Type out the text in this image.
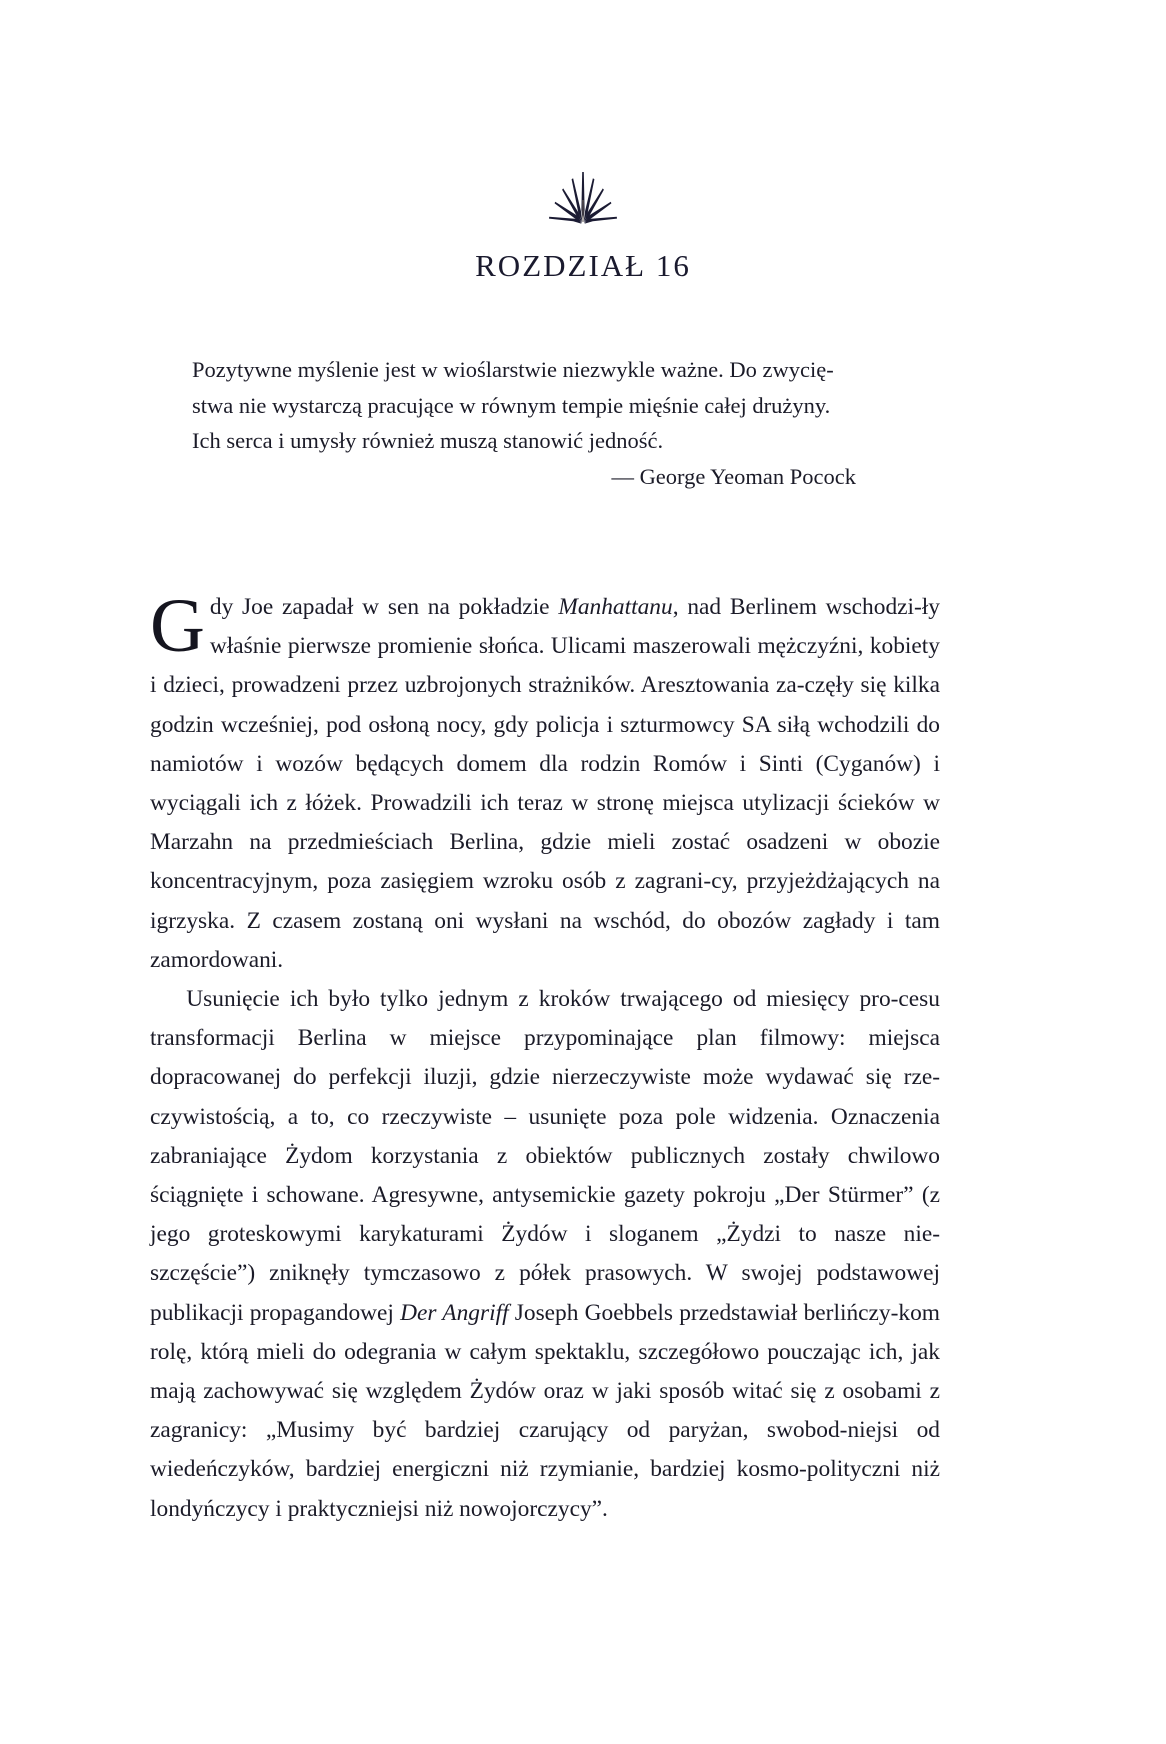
ROZDZIAŁ 16

Pozytywne myślenie jest w wioślarstwie niezwykle ważne. Do zwycię-

stwa nie wystarczą pracujące w równym tempie mięśnie całej drużyny.

Ich serca i umysły również muszą stanowić jedność.

— George Yeoman Pocock

Gdy Joe zapadał w sen na pokładzie Manhattanu, nad Berlinem wschodzi-ły właśnie pierwsze promienie słońca. Ulicami maszerowali mężczyźni, kobiety i dzieci, prowadzeni przez uzbrojonych strażników. Aresztowania za-częły się kilka godzin wcześniej, pod osłoną nocy, gdy policja i szturmowcy SA siłą wchodzili do namiotów i wozów będących domem dla rodzin Romów i Sinti (Cyganów) i wyciągali ich z łóżek. Prowadzili ich teraz w stronę miejsca utylizacji ścieków w Marzahn na przedmieściach Berlina, gdzie mieli zostać osadzeni w obozie koncentracyjnym, poza zasięgiem wzroku osób z zagrani-cy, przyjeżdżających na igrzyska. Z czasem zostaną oni wysłani na wschód, do obozów zagłady i tam zamordowani.

Usunięcie ich było tylko jednym z kroków trwającego od miesięcy pro-cesu transformacji Berlina w miejsce przypominające plan filmowy: miejsca dopracowanej do perfekcji iluzji, gdzie nierzeczywiste może wydawać się rze-czywistością, a to, co rzeczywiste – usunięte poza pole widzenia. Oznaczenia zabraniające Żydom korzystania z obiektów publicznych zostały chwilowo ściągnięte i schowane. Agresywne, antysemickie gazety pokroju „Der Stürmer” (z jego groteskowymi karykaturami Żydów i sloganem „Żydzi to nasze nie-szczęście”) zniknęły tymczasowo z półek prasowych. W swojej podstawowej publikacji propagandowej Der Angriff Joseph Goebbels przedstawiał berlińczy-kom rolę, którą mieli do odegrania w całym spektaklu, szczegółowo pouczając ich, jak mają zachowywać się względem Żydów oraz w jaki sposób witać się z osobami z zagranicy: „Musimy być bardziej czarujący od paryżan, swobod-niejsi od wiedeńczyków, bardziej energiczni niż rzymianie, bardziej kosmo-polityczni niż londyńczycy i praktyczniejsi niż nowojorczycy”.
